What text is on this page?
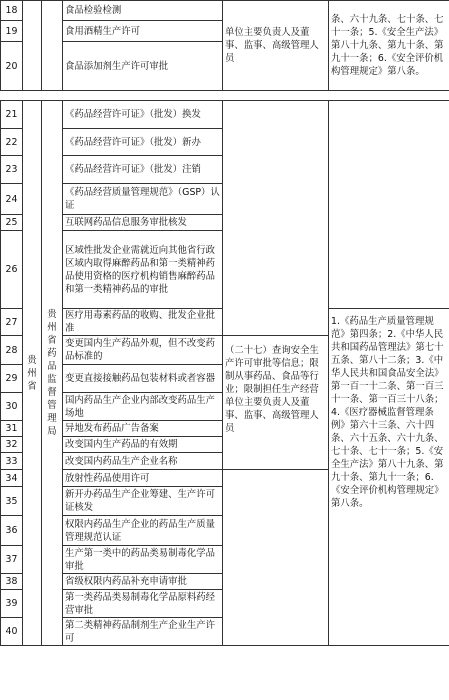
18			食品检验检测	单位主要负责人及董事、监事、高级管理人员	条、六十九条、七十条、七十一条；5.《安全生产法》第八十九条、第九十条、第九十一条；6.《安全评价机构管理规定》第八条。
19			食用酒精生产许可		
20			食品添加剂生产许可审批		
21	贵州省	贵州省药品监督管理局	《药品经营许可证》（批发）换发		
22			《药品经营许可证》（批发）新办		
23			《药品经营许可证》（批发）注销		
24			《药品经营质量管理规范》（GSP）认证		
25			互联网药品信息服务审批核发		
26			区域性批发企业需就近向其他省行政区域内取得麻醉药品和第一类精神药品使用资格的医疗机构销售麻醉药品和第一类精神药品的审批		
27			医疗用毒素药品的收购、批发企业批准		1.《药品生产质量管理规范》第四条；2.《中华人民共和国药品管理法》第七十五条、第八十二条；3.《中华人民共和国食品安全法》第一百一十二条、第一百三十一条、第一百三十八条；4.《医疗器械监督管理条例》第六十三条、六十四条、六十五条、六十九条、七十条、七十一条；5.《安全生产法》第八十九条、第九十条、第九十一条；6.《安全评价机构管理规定》第八条。
28			变更国内生产药品外观，但不改变药品标准的	（二十七）查询安全生产许可审批等信息；限制从事药品、食品等行业；限制担任生产经营单位主要负责人及董事、监事、高级管理人员	
29			变更直接接触药品包装材料或者容器		
30			国内药品生产企业内部改变药品生产场地		
31			异地发布药品广告备案		
32			改变国内生产药品的有效期		
33			改变国内药品生产企业名称		
34			放射性药品使用许可		
35			新开办药品生产企业筹建、生产许可证核发		
36			权限内药品生产企业的药品生产质量管理规范认证		
37			生产第一类中的药品类易制毒化学品审批		
38			省级权限内药品补充申请审批		
39			第一类药品类易制毒化学品原料药经营审批		
40			第二类精神药品制剂生产企业生产许可		
